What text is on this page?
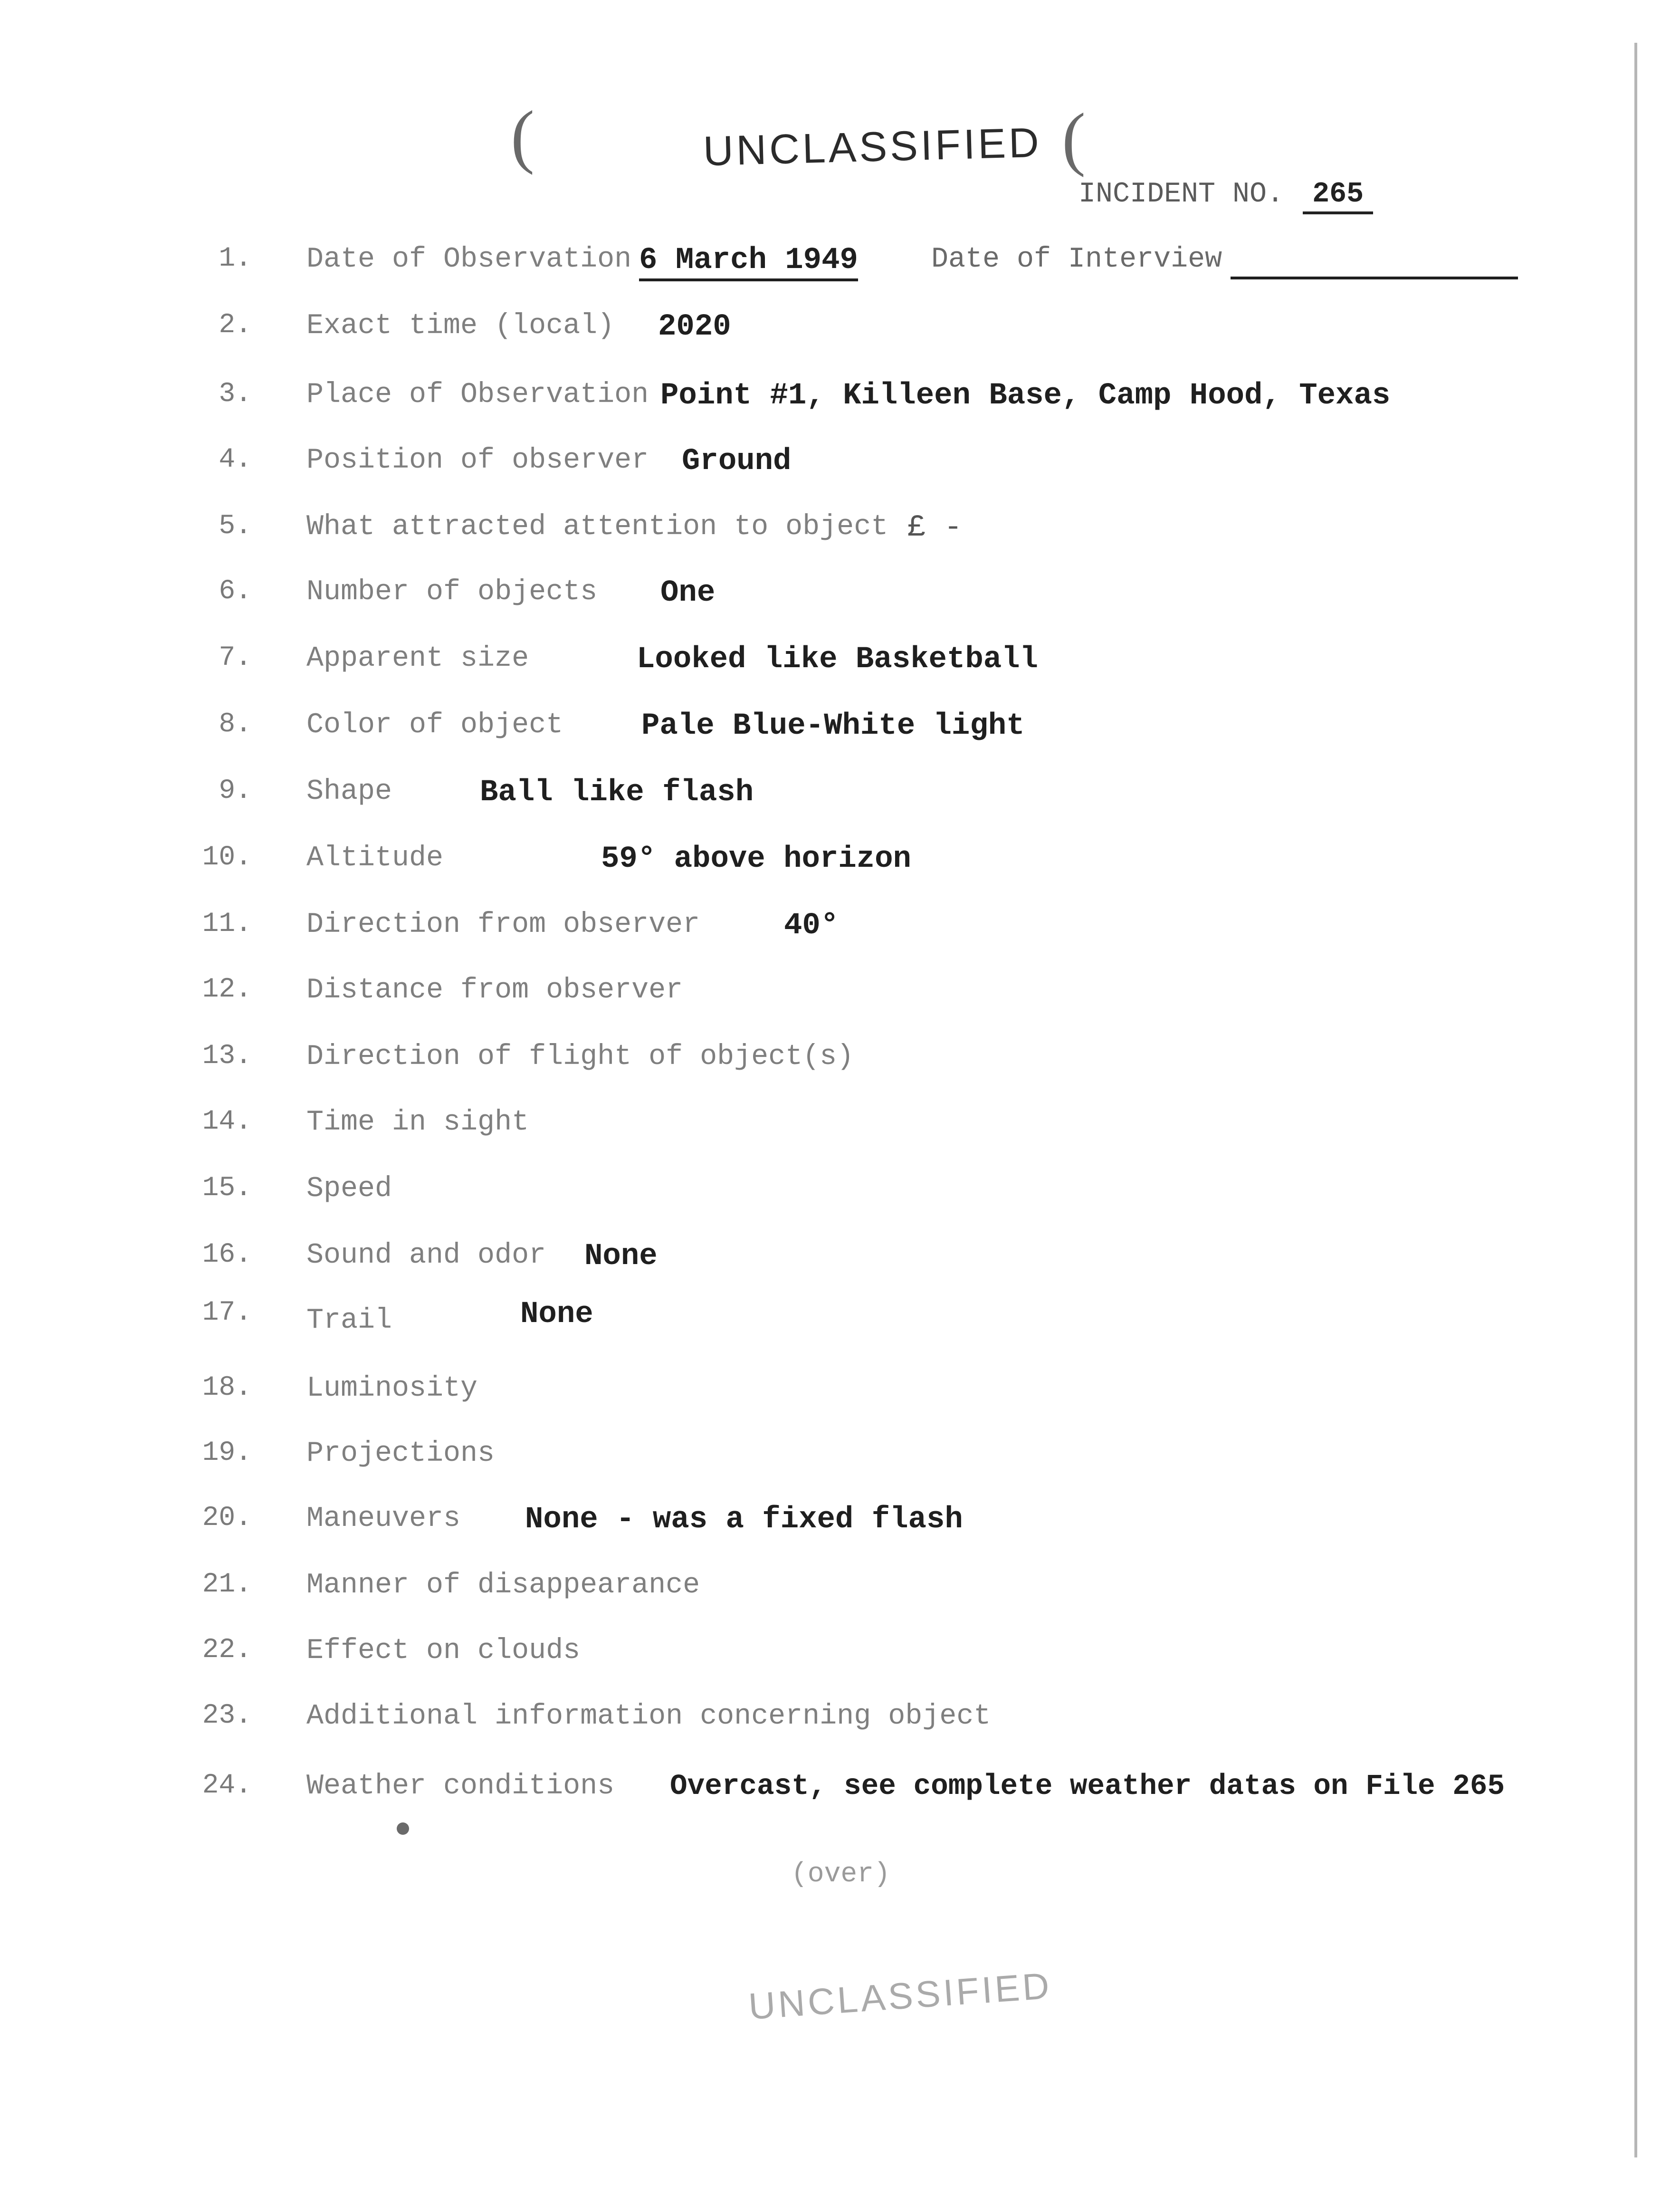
(	(
UNCLASSIFIED
INCIDENT NO. 265
1. Date of Observation 6 March 1949	Date of Interview
2. Exact time (local) 2020
3. Place of Observation Point #1, Killeen Base, Camp Hood, Texas
4. Position of observer Ground
5. What attracted attention to object £ -
6. Number of objects One
7. Apparent size	Looked like Basketball
8. Color of object	Pale Blue-White light
9. Shape	Ball like flash
10. Altitude	59° above horizon
11. Direction from observer	40°
12. Distance from observer
13. Direction of flight of object(s)
14. Time in sight
15. Speed
16. Sound and odor None
17. Trail	None
18. Luminosity
19. Projections
20. Maneuvers None - was a fixed flash
21. Manner of disappearance
22. Effect on clouds
23. Additional information concerning object
24. Weather conditions Overcast, see complete weather datas on File 265
(over)
UNCLASSIFIED
